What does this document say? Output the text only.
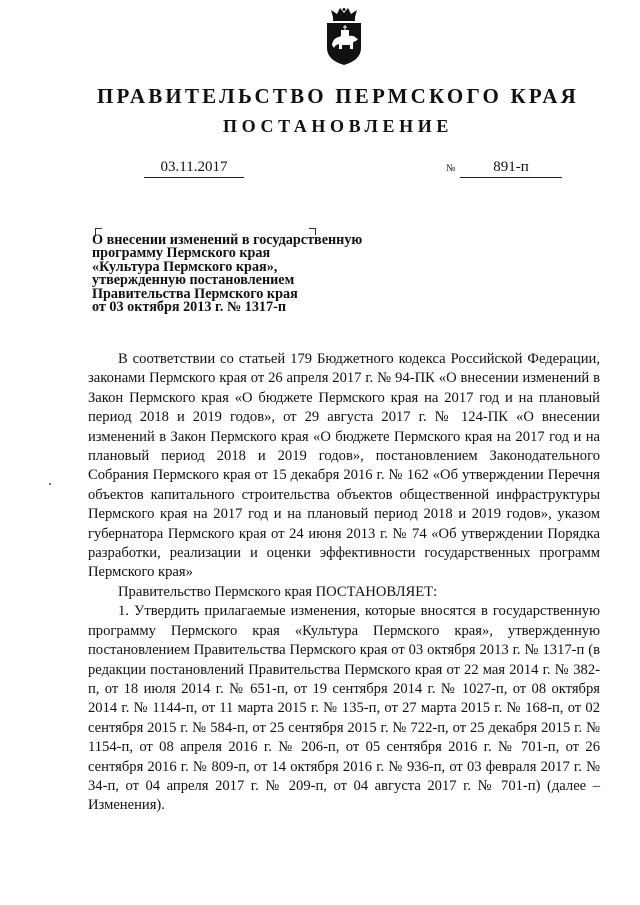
ПРАВИТЕЛЬСТВО ПЕРМСКОГО КРАЯ
ПОСТАНОВЛЕНИЕ
03.11.2017	№	891-п
О внесении изменений в государственную
программу Пермского края
«Культура Пермского края»,
утвержденную постановлением
Правительства Пермского края
от 03 октября 2013 г. № 1317-п

В соответствии со статьей 179 Бюджетного кодекса Российской Федерации, законами Пермского края от 26 апреля 2017 г. № 94-ПК «О внесении изменений в Закон Пермского края «О бюджете Пермского края на 2017 год и на плановый период 2018 и 2019 годов», от 29 августа 2017 г. № 124-ПК «О внесении изменений в Закон Пермского края «О бюджете Пермского края на 2017 год и на плановый период 2018 и 2019 годов», постановлением Законодательного Собрания Пермского края от 15 декабря 2016 г. № 162 «Об утверждении Перечня объектов капитального строительства объектов общественной инфраструктуры Пермского края на 2017 год и на плановый период 2018 и 2019 годов», указом губернатора Пермского края от 24 июня 2013 г. № 74 «Об утверждении Порядка разработки, реализации и оценки эффективности государственных программ Пермского края»

Правительство Пермского края ПОСТАНОВЛЯЕТ:

1. Утвердить прилагаемые изменения, которые вносятся в государственную программу Пермского края «Культура Пермского края», утвержденную постановлением Правительства Пермского края от 03 октября 2013 г. № 1317-п (в редакции постановлений Правительства Пермского края от 22 мая 2014 г. № 382-п, от 18 июля 2014 г. № 651-п, от 19 сентября 2014 г. № 1027-п, от 08 октября 2014 г. № 1144-п, от 11 марта 2015 г. № 135-п, от 27 марта 2015 г. № 168-п, от 02 сентября 2015 г. № 584-п, от 25 сентября 2015 г. № 722-п, от 25 декабря 2015 г. № 1154-п, от 08 апреля 2016 г. № 206-п, от 05 сентября 2016 г. № 701-п, от 26 сентября 2016 г. № 809-п, от 14 октября 2016 г. № 936-п, от 03 февраля 2017 г. № 34-п, от 04 апреля 2017 г. № 209-п, от 04 августа 2017 г. № 701-п) (далее – Изменения).
